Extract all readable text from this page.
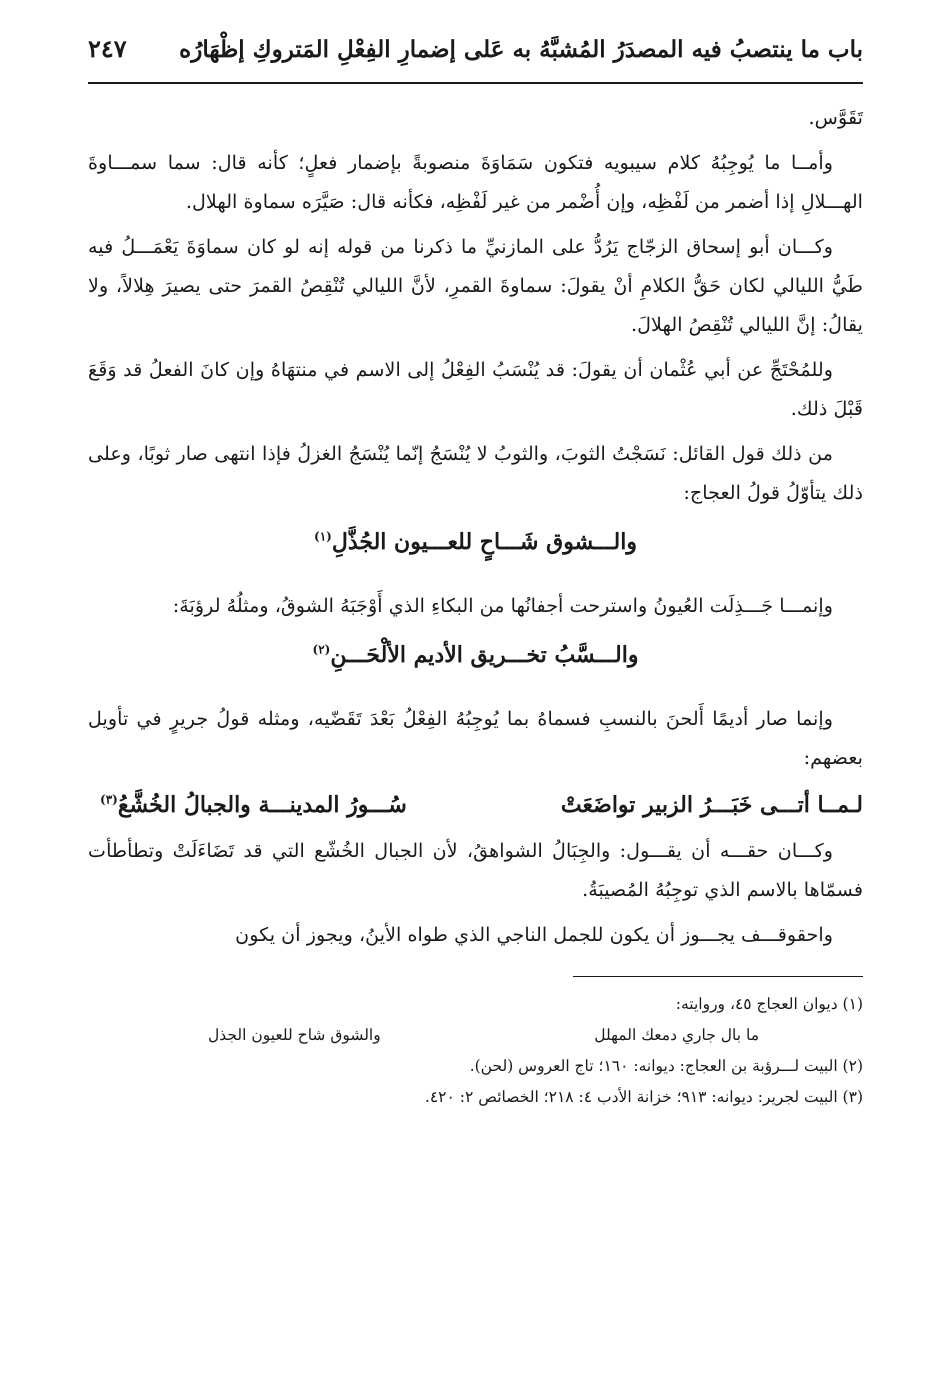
باب ما ينتصبُ فيه المصدَرُ المُشبَّهُ به عَلى إضمارِ الفِعْلِ المَتروكِ إظْهَارُه
٢٤٧

تَقَوَّس.

وأمــا ما يُوجِبُهُ كلام سيبويه فتكون سَمَاوَةَ منصوبةً بإضمار فعلٍ؛ كأنه قال: سما سمـــاوةَ الهـــلالِ إذا أضمر من لَفْظِه، وإن أُضْمر من غير لَفْظِه، فكأنه قال: صَيَّرَه سماوة الهلال.

وكـــان أبو إسحاق الزجّاج يَرُدُّ على المازنيِّ ما ذكرنا من قوله إنه لو كان سماوَةَ يَعْمَـــلُ فيه طَيُّ الليالي لكان حَقُّ الكلامِ أنْ يقولَ: سماوةَ القمرِ، لأنَّ الليالي تُنْقِصُ القمرَ حتى يصيرَ هِلالاً، ولا يقالُ: إنَّ الليالي تُنْقِصُ الهلالَ.

وللمُحْتَجِّ عن أبي عُثْمان أن يقولَ: قد يُنْسَبُ الفِعْلُ إلى الاسم في منتهَاهُ وإن كانَ الفعلُ قد وَقَعَ قَبْلَ ذلك.

من ذلك قول القائل: نَسَجْتُ الثوبَ، والثوبُ لا يُنْسَجُ إنّما يُنْسَجُ الغزلُ فإذا انتهى صار ثوبًا، وعلى ذلك يتأوّلُ قولُ العجاج:

والـــشوق شَـــاحٍ للعـــيون الجُذَّلِ$^{(١)}$

وإنمـــا جَـــذِلَت العُيونُ واسترحت أجفانُها من البكاءِ الذي أَوْجَبَهُ الشوقُ، ومثلُهُ لرؤبَةَ:

والـــسَّبُ تخـــريق الأديم الألْحَـــنِ$^{(٢)}$

وإنما صار أديمًا أَلحنَ بالنسبِ فسماهُ بما يُوجِبُهُ الفِعْلُ بَعْدَ تَقَضّيه، ومثله قولُ جريرٍ في تأويل بعضهم:

لـمــا أتـــى خَبَـــرُ الزبير تواضَعَتْ
سُـــورُ المدينـــة والجبالُ الخُشَّعُ$^{(٣)}$

وكـــان حقـــه أن يقـــول: والجِبَالُ الشواهقُ، لأن الجبال الخُشّع التي قد تَضَاءَلَتْ وتطأطأت فسمّاها بالاسم الذي توجِبُهُ المُصيبَةُ.

واحقوقـــف يجـــوز أن يكون للجمل الناجي الذي طواه الأينُ، ويجوز أن يكون

(١) ديوان العجاج ٤٥، وروايته:

ما بال جاري دمعك المهلل
والشوق شاح للعيون الجذل

(٢) البيت لـــرؤبة بن العجاج: ديوانه: ١٦٠؛ تاج العروس (لحن).

(٣) البيت لجرير: ديوانه: ٩١٣؛ خزانة الأدب ٤: ٢١٨؛ الخصائص ٢: ٤٢٠.
